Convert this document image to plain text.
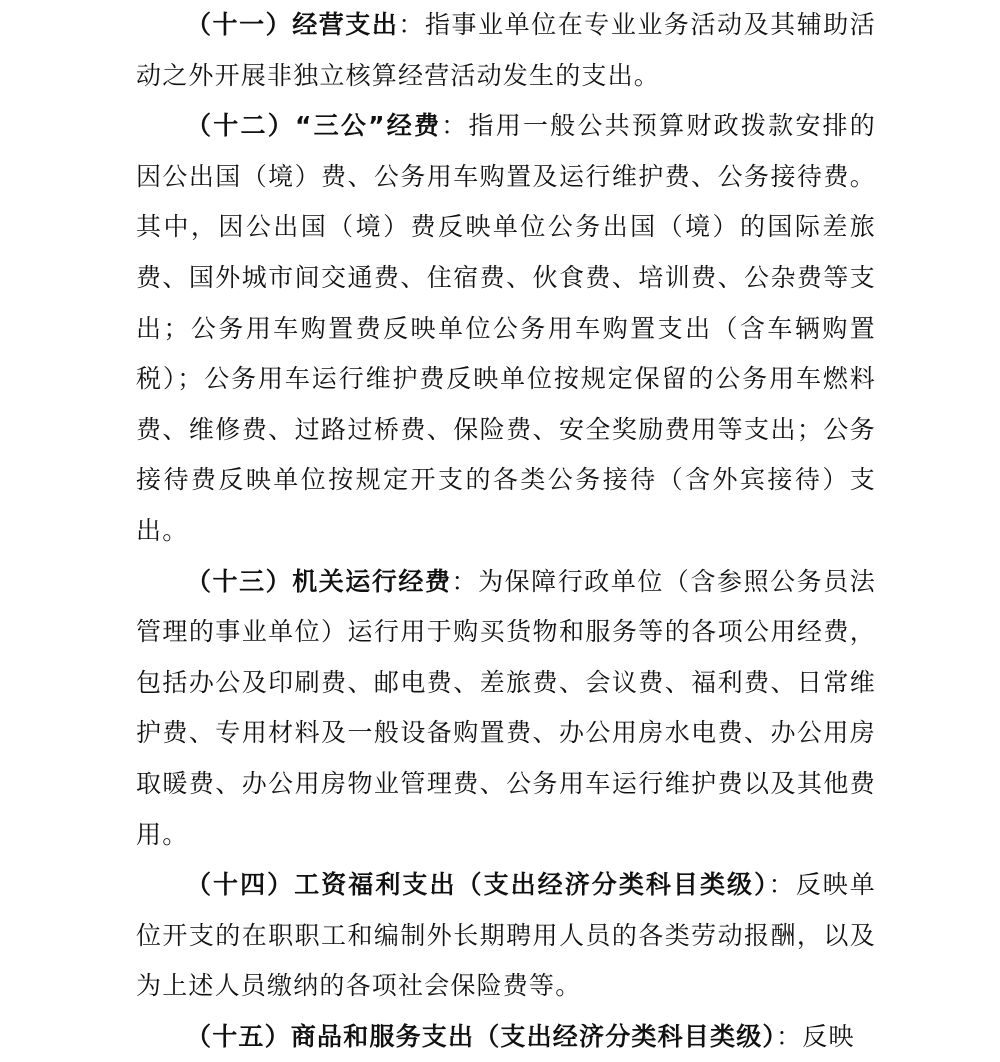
（十一）经营支出：指事业单位在专业业务活动及其辅助活动之外开展非独立核算经营活动发生的支出。

（十二）“三公”经费：指用一般公共预算财政拨款安排的因公出国（境）费、公务用车购置及运行维护费、公务接待费。其中，因公出国（境）费反映单位公务出国（境）的国际差旅费、国外城市间交通费、住宿费、伙食费、培训费、公杂费等支出；公务用车购置费反映单位公务用车购置支出（含车辆购置税）；公务用车运行维护费反映单位按规定保留的公务用车燃料费、维修费、过路过桥费、保险费、安全奖励费用等支出；公务接待费反映单位按规定开支的各类公务接待（含外宾接待）支出。

（十三）机关运行经费：为保障行政单位（含参照公务员法管理的事业单位）运行用于购买货物和服务等的各项公用经费，包括办公及印刷费、邮电费、差旅费、会议费、福利费、日常维护费、专用材料及一般设备购置费、办公用房水电费、办公用房取暖费、办公用房物业管理费、公务用车运行维护费以及其他费用。

（十四）工资福利支出（支出经济分类科目类级）：反映单位开支的在职职工和编制外长期聘用人员的各类劳动报酬，以及为上述人员缴纳的各项社会保险费等。

（十五）商品和服务支出（支出经济分类科目类级）：反映
